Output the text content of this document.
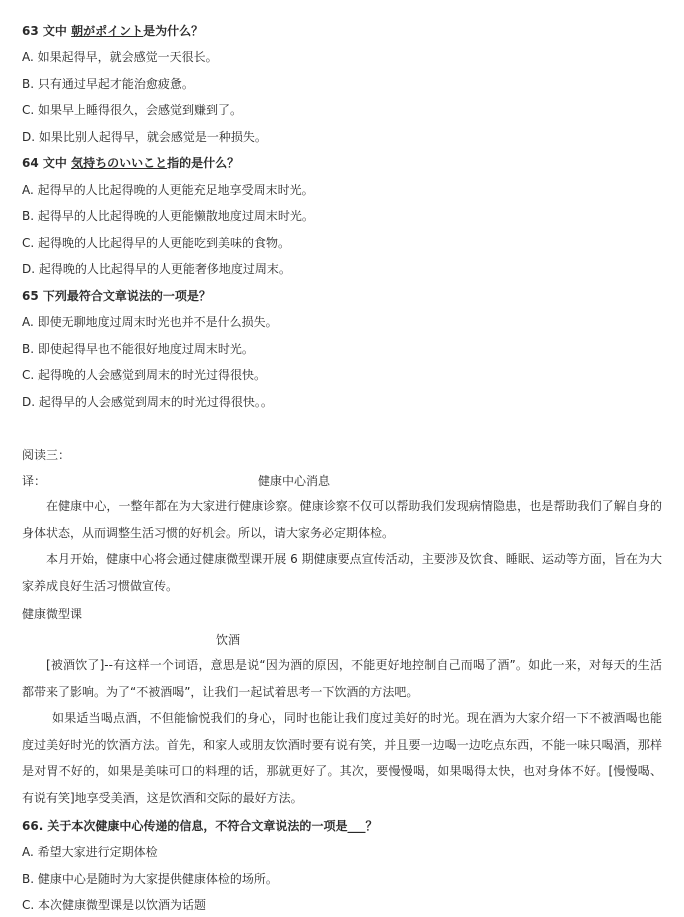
63 文中 朝がポイント是为什么？
A. 如果起得早，就会感觉一天很长。
B. 只有通过早起才能治愈疲惫。
C. 如果早上睡得很久，会感觉到赚到了。
D. 如果比别人起得早，就会感觉是一种损失。
64 文中 気持ちのいいこと指的是什么？
A. 起得早的人比起得晚的人更能充足地享受周末时光。
B. 起得早的人比起得晚的人更能懒散地度过周末时光。
C. 起得晚的人比起得早的人更能吃到美味的食物。
D. 起得晚的人比起得早的人更能奢侈地度过周末。
65 下列最符合文章说法的一项是？
A. 即使无聊地度过周末时光也并不是什么损失。
B. 即使起得早也不能很好地度过周末时光。
C. 起得晚的人会感觉到周末的时光过得很快。
D. 起得早的人会感觉到周末的时光过得很快。。
阅读三：
译：	健康中心消息
在健康中心，一整年都在为大家进行健康诊察。健康诊察不仅可以帮助我们发现病情隐患，也是帮助我们了解自身的身体状态，从而调整生活习惯的好机会。所以，请大家务必定期体检。
本月开始，健康中心将会通过健康微型课开展 6 期健康要点宣传活动，主要涉及饮食、睡眠、运动等方面，旨在为大家养成良好生活习惯做宣传。
健康微型课
饮酒
[被酒饮了]--有这样一个词语，意思是说“因为酒的原因，不能更好地控制自己而喝了酒”。如此一来，对每天的生活都带来了影响。为了“不被酒喝”，让我们一起试着思考一下饮酒的方法吧。
如果适当喝点酒，不但能愉悦我们的身心，同时也能让我们度过美好的时光。现在酒为大家介绍一下不被酒喝也能度过美好时光的饮酒方法。首先，和家人或朋友饮酒时要有说有笑，并且要一边喝一边吃点东西，不能一味只喝酒，那样是对胃不好的，如果是美味可口的料理的话，那就更好了。其次，要慢慢喝，如果喝得太快，也对身体不好。[慢慢喝、有说有笑]地享受美酒，这是饮酒和交际的最好方法。
66. 关于本次健康中心传递的信息，不符合文章说法的一项是___？
A. 希望大家进行定期体检
B. 健康中心是随时为大家提供健康体检的场所。
C. 本次健康微型课是以饮酒为话题
